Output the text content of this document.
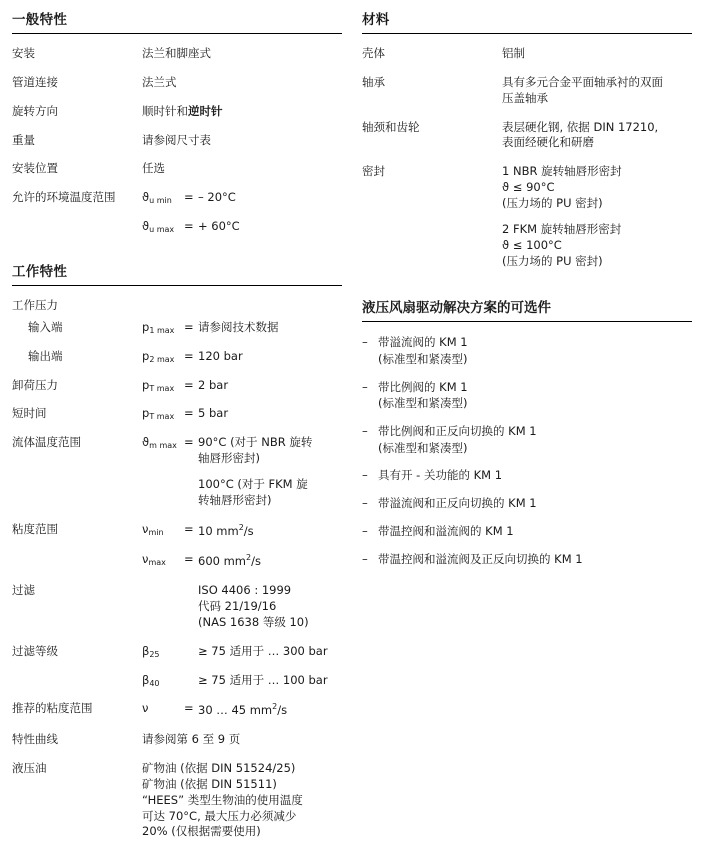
一般特性
安装	法兰和脚座式		
管道连接	法兰式		
旋转方向	顺时针和逆时针		
重量	请参阅尺寸表		
安装位置	任选		
允许的环境温度范围	ϑu min	=	– 20°C
	ϑu max	=	+ 60°C
工作特性
工作压力			
输入端	p1 max	=	请参阅技术数据
输出端	p2 max	=	120 bar
卸荷压力	pT max	=	2 bar
短时间	pT max	=	5 bar
流体温度范围	ϑm max	=	90°C (对于 NBR 旋转
轴唇形密封)

100°C (对于 FKM 旋
转轴唇形密封)

粘度范围	νmin	=	10 $mm^2/s$
	νmax	=	600 $mm^2/s$
过滤			ISO 4406 : 1999
代码 21/19/16
(NAS 1638 等级 10)

过滤等级	β25		≥ 75 适用于 … 300 bar
	β40		≥ 75 适用于 … 100 bar
推荐的粘度范围	ν	=	30 … 45 $mm^2/s$
特性曲线	请参阅第 6 至 9 页		
液压油	矿物油 (依据 DIN 51524/25)
矿物油 (依据 DIN 51511)
“HEES” 类型生物油的使用温度
可达 70°C, 最大压力必须减少
20% (仅根据需要使用)		
材料
壳体	铝制

轴承	具有多元合金平面轴承衬的双面
压盖轴承

轴颈和齿轮	表层硬化钢, 依据 DIN 17210,
表面经硬化和研磨

密封	1 NBR 旋转轴唇形密封
ϑ ≤ 90°C
(压力场的 PU 密封)

2 FKM 旋转轴唇形密封
ϑ ≤ 100°C
(压力场的 PU 密封)
液压风扇驱动解决方案的可选件
– 带溢流阀的 KM 1
(标准型和紧凑型)
– 带比例阀的 KM 1
(标准型和紧凑型)
– 带比例阀和正反向切换的 KM 1
(标准型和紧凑型)
– 具有开 - 关功能的 KM 1
– 带溢流阀和正反向切换的 KM 1
– 带温控阀和溢流阀的 KM 1
– 带温控阀和溢流阀及正反向切换的 KM 1
